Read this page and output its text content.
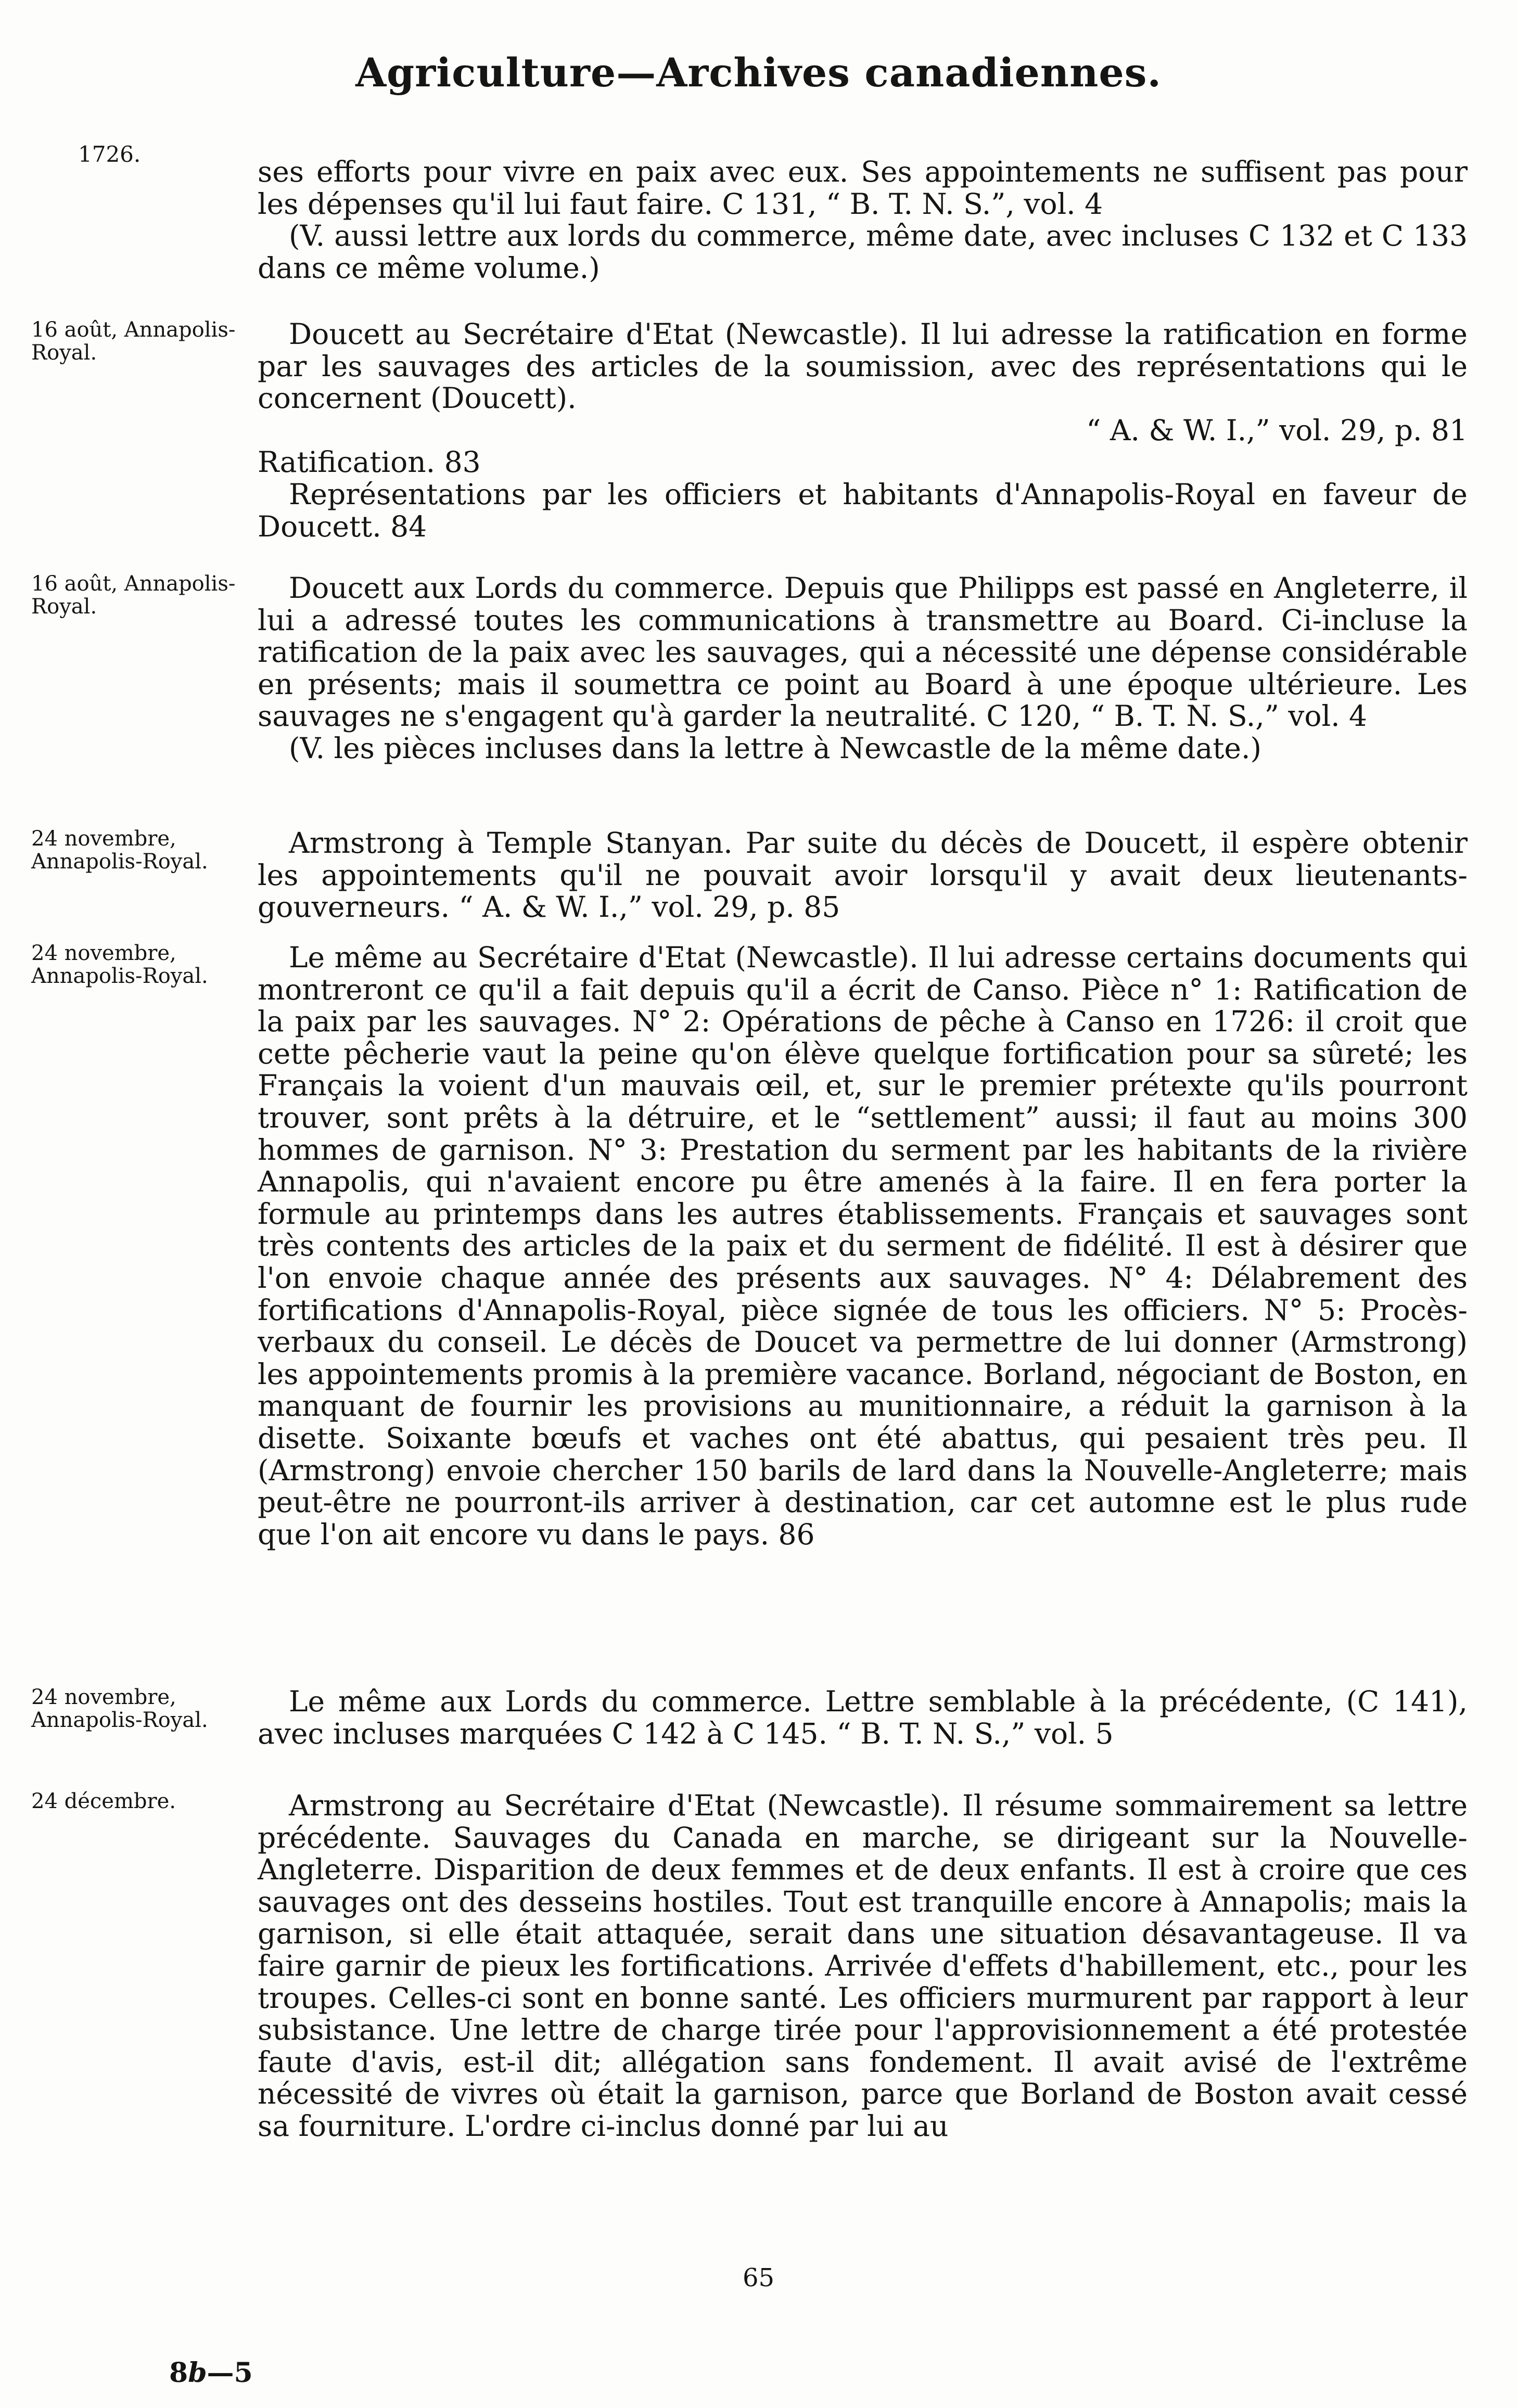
Agriculture—Archives canadiennes.
1726.

ses efforts pour vivre en paix avec eux. Ses appointements ne suffisent pas pour les dépenses qu'il lui faut faire. C 131, “ B. T. N. S.”, vol. 4

(V. aussi lettre aux lords du commerce, même date, avec incluses C 132 et C 133 dans ce même volume.)

16 août, Annapolis-Royal.

Doucett au Secrétaire d'Etat (Newcastle). Il lui adresse la ratification en forme par les sauvages des articles de la soumission, avec des représentations qui le concernent (Doucett).

“ A. & W. I.,” vol. 29, p. 81

Ratification. 83

Représentations par les officiers et habitants d'Annapolis-Royal en faveur de Doucett. 84

16 août, Annapolis-Royal.

Doucett aux Lords du commerce. Depuis que Philipps est passé en Angleterre, il lui a adressé toutes les communications à transmettre au Board. Ci-incluse la ratification de la paix avec les sauvages, qui a nécessité une dépense considérable en présents; mais il soumettra ce point au Board à une époque ultérieure. Les sauvages ne s'engagent qu'à garder la neutralité. C 120, “ B. T. N. S.,” vol. 4

(V. les pièces incluses dans la lettre à Newcastle de la même date.)

24 novembre, Annapolis-Royal.

Armstrong à Temple Stanyan. Par suite du décès de Doucett, il espère obtenir les appointements qu'il ne pouvait avoir lorsqu'il y avait deux lieutenants-gouverneurs. “ A. & W. I.,” vol. 29, p. 85

24 novembre, Annapolis-Royal.

Le même au Secrétaire d'Etat (Newcastle). Il lui adresse certains documents qui montreront ce qu'il a fait depuis qu'il a écrit de Canso. Pièce n° 1: Ratification de la paix par les sauvages. N° 2: Opérations de pêche à Canso en 1726: il croit que cette pêcherie vaut la peine qu'on élève quelque fortification pour sa sûreté; les Français la voient d'un mauvais œil, et, sur le premier prétexte qu'ils pourront trouver, sont prêts à la détruire, et le “settlement” aussi; il faut au moins 300 hommes de garnison. N° 3: Prestation du serment par les habitants de la rivière Annapolis, qui n'avaient encore pu être amenés à la faire. Il en fera porter la formule au printemps dans les autres établissements. Français et sauvages sont très contents des articles de la paix et du serment de fidélité. Il est à désirer que l'on envoie chaque année des présents aux sauvages. N° 4: Délabrement des fortifications d'Annapolis-Royal, pièce signée de tous les officiers. N° 5: Procès-verbaux du conseil. Le décès de Doucet va permettre de lui donner (Armstrong) les appointements promis à la première vacance. Borland, négociant de Boston, en manquant de fournir les provisions au munitionnaire, a réduit la garnison à la disette. Soixante bœufs et vaches ont été abattus, qui pesaient très peu. Il (Armstrong) envoie chercher 150 barils de lard dans la Nouvelle-Angleterre; mais peut-être ne pourront-ils arriver à destination, car cet automne est le plus rude que l'on ait encore vu dans le pays. 86

24 novembre, Annapolis-Royal.

Le même aux Lords du commerce. Lettre semblable à la précédente, (C 141), avec incluses marquées C 142 à C 145. “ B. T. N. S.,” vol. 5

24 décembre.	Armstrong au Secrétaire d'Etat (Newcastle). Il résume sommairement sa lettre précédente. Sauvages du Canada en marche, se dirigeant sur la Nouvelle-Angleterre. Disparition de deux femmes et de deux enfants. Il est à croire que ces sauvages ont des desseins hostiles. Tout est tranquille encore à Annapolis; mais la garnison, si elle était attaquée, serait dans une situation désavantageuse. Il va faire garnir de pieux les fortifications. Arrivée d'effets d'habillement, etc., pour les troupes. Celles-ci sont en bonne santé. Les officiers murmurent par rapport à leur subsistance. Une lettre de charge tirée pour l'approvisionnement a été protestée faute d'avis, est-il dit; allégation sans fondement. Il avait avisé de l'extrême nécessité de vivres où était la garnison, parce que Borland de Boston avait cessé sa fourniture. L'ordre ci-inclus donné par lui au

65
8b—5
